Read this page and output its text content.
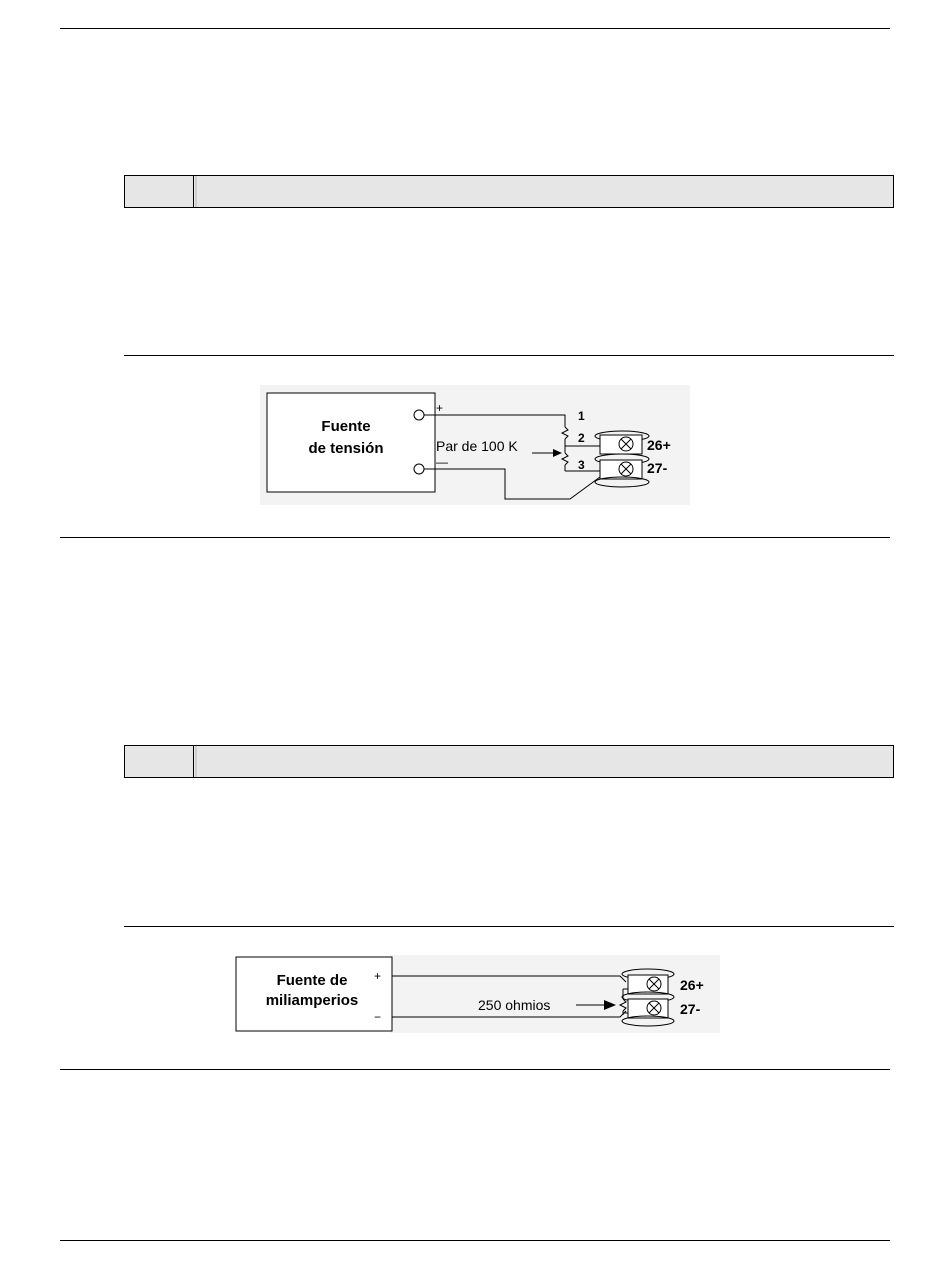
Fuente
de tensión
+
—
1
2
3
Par de 100 K	26+
27-
Fuente de
miliamperios
+
−
250 ohmios
26+
27-
